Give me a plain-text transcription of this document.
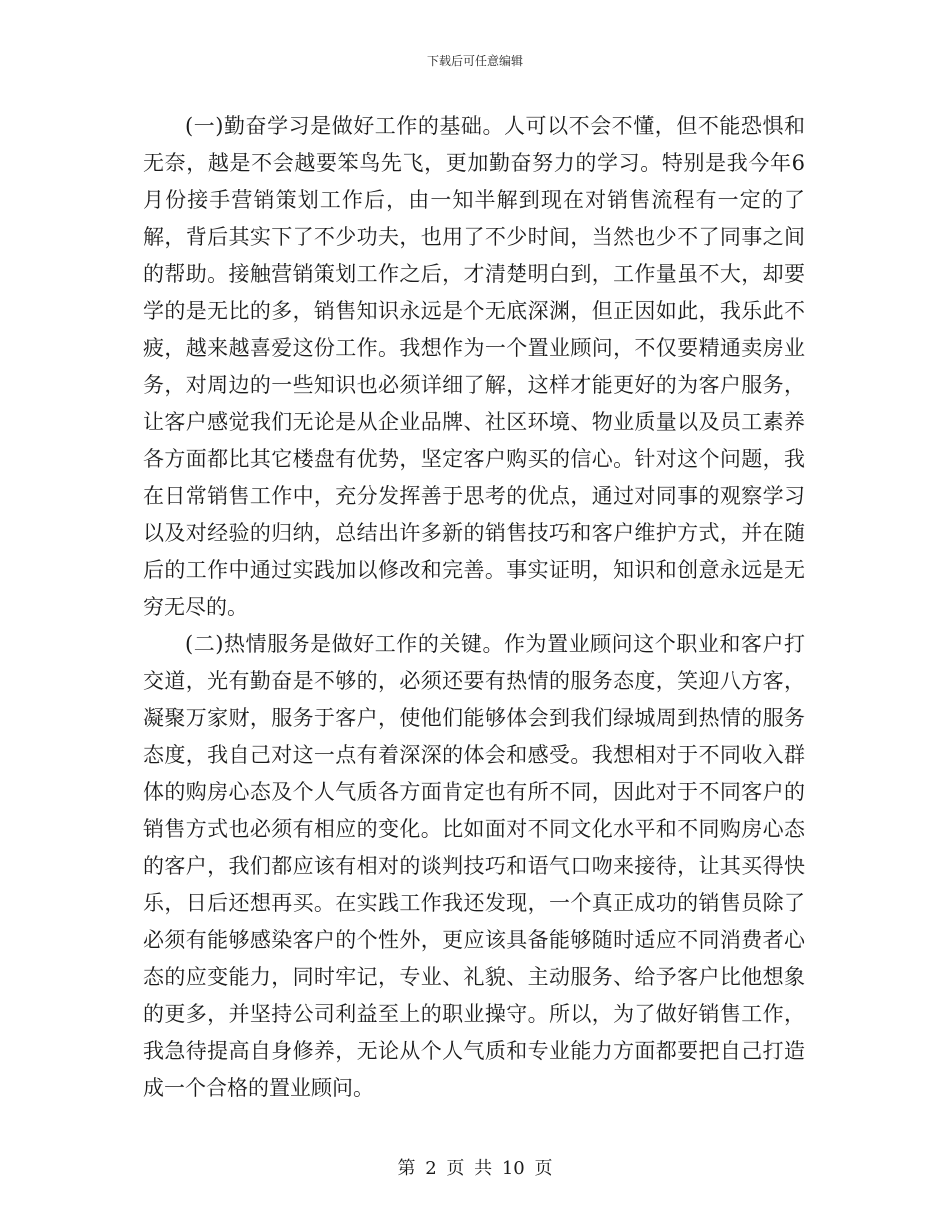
下载后可任意编辑

(一)勤奋学习是做好工作的基础。人可以不会不懂，但不能恐惧和无奈，越是不会越要笨鸟先飞，更加勤奋努力的学习。特别是我今年6月份接手营销策划工作后，由一知半解到现在对销售流程有一定的了解，背后其实下了不少功夫，也用了不少时间，当然也少不了同事之间的帮助。接触营销策划工作之后，才清楚明白到，工作量虽不大，却要学的是无比的多，销售知识永远是个无底深渊，但正因如此，我乐此不疲，越来越喜爱这份工作。我想作为一个置业顾问，不仅要精通卖房业务，对周边的一些知识也必须详细了解，这样才能更好的为客户服务，让客户感觉我们无论是从企业品牌、社区环境、物业质量以及员工素养各方面都比其它楼盘有优势，坚定客户购买的信心。针对这个问题，我在日常销售工作中，充分发挥善于思考的优点，通过对同事的观察学习以及对经验的归纳，总结出许多新的销售技巧和客户维护方式，并在随后的工作中通过实践加以修改和完善。事实证明，知识和创意永远是无穷无尽的。

(二)热情服务是做好工作的关键。作为置业顾问这个职业和客户打交道，光有勤奋是不够的，必须还要有热情的服务态度，笑迎八方客，凝聚万家财，服务于客户，使他们能够体会到我们绿城周到热情的服务态度，我自己对这一点有着深深的体会和感受。我想相对于不同收入群体的购房心态及个人气质各方面肯定也有所不同，因此对于不同客户的销售方式也必须有相应的变化。比如面对不同文化水平和不同购房心态的客户，我们都应该有相对的谈判技巧和语气口吻来接待，让其买得快乐，日后还想再买。在实践工作我还发现，一个真正成功的销售员除了必须有能够感染客户的个性外，更应该具备能够随时适应不同消费者心态的应变能力，同时牢记，专业、礼貌、主动服务、给予客户比他想象的更多，并坚持公司利益至上的职业操守。所以，为了做好销售工作，我急待提高自身修养，无论从个人气质和专业能力方面都要把自己打造成一个合格的置业顾问。

第 2 页 共 10 页
